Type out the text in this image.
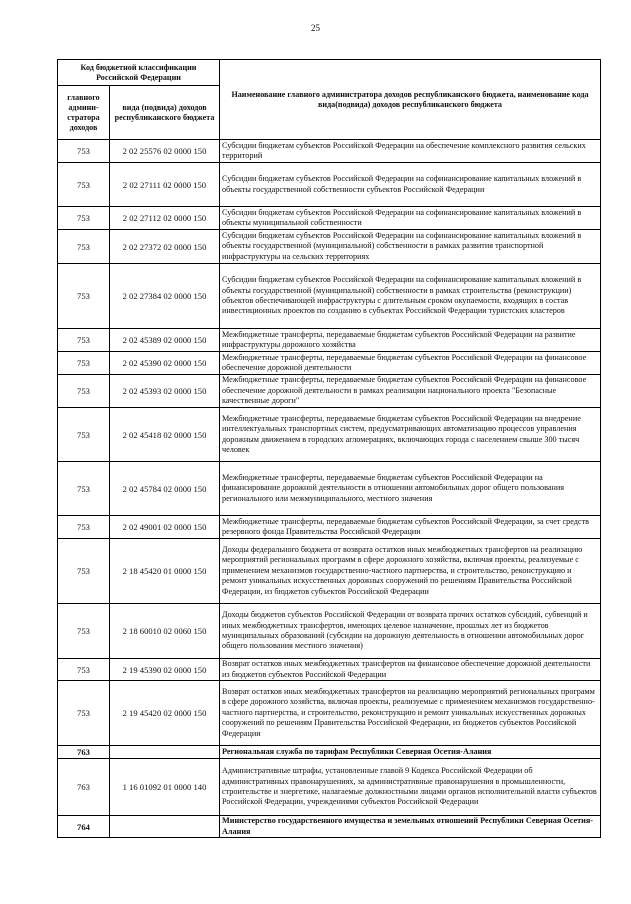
25
Код бюджетной классификации Российской Федерации		Наименование главного администратора доходов республиканского бюджета, наименование кода вида(подвида) доходов республиканского бюджета
главного админи-стратора доходов	вида (подвида) доходов республиканского бюджета	
753	2 02 25576 02 0000 150	Субсидии бюджетам субъектов Российской Федерации на обеспечение комплексного развития сельских территорий
753	2 02 27111 02 0000 150	Субсидии бюджетам субъектов Российской Федерации на софинансирование капитальных вложений в объекты государственной собственности субъектов Российской Федерации
753	2 02 27112 02 0000 150	Субсидии бюджетам субъектов Российской Федерации на софинансирование капитальных вложений в объекты муниципальной собственности
753	2 02 27372 02 0000 150	Субсидии бюджетам субъектов Российской Федерации на софинансирование капитальных вложений в объекты государственной (муниципальной) собственности в рамках развития транспортной инфраструктуры на сельских территориях
753	2 02 27384 02 0000 150	Субсидии бюджетам субъектов Российской Федерации на софинансирование капитальных вложений в объекты государственной (муниципальной) собственности в рамках строительства (реконструкции) объектов обеспечивающей инфраструктуры с длительным сроком окупаемости, входящих в состав инвестиционных проектов по созданию в субъектах Российской Федерации туристских кластеров
753	2 02 45389 02 0000 150	Межбюджетные трансферты, передаваемые бюджетам субъектов Российской Федерации на развитие инфраструктуры дорожного хозяйства
753	2 02 45390 02 0000 150	Межбюджетные трансферты, передаваемые бюджетам субъектов Российской Федерации на финансовое обеспечение дорожной деятельности
753	2 02 45393 02 0000 150	Межбюджетные трансферты, передаваемые бюджетам субъектов Российской Федерации на финансовое обеспечение дорожной деятельности в рамках реализации национального проекта "Безопасные качественные дороги"
753	2 02 45418 02 0000 150	Межбюджетные трансферты, передаваемые бюджетам субъектов Российской Федерации на внедрение интеллектуальных транспортных систем, предусматривающих автоматизацию процессов управления дорожным движением в городских агломерациях, включающих города с населением свыше 300 тысяч человек
753	2 02 45784 02 0000 150	Межбюджетные трансферты, передаваемые бюджетам субъектов Российской Федерации на финансирование дорожной деятельности в отношении автомобильных дорог общего пользования регионального или межмуниципального, местного значения
753	2 02 49001 02 0000 150	Межбюджетные трансферты, передаваемые бюджетам субъектов Российской Федерации, за счет средств резервного фонда Правительства Российской Федерации
753	2 18 45420 01 0000 150	Доходы федерального бюджета от возврата остатков иных межбюджетных трансфертов на реализацию мероприятий региональных программ в сфере дорожного хозяйства, включая проекты, реализуемые с применением механизмов государственно-частного партнерства, и строительство, реконструкцию и ремонт уникальных искусственных дорожных сооружений по решениям Правительства Российской Федерации, из бюджетов субъектов Российской Федерации
753	2 18 60010 02 0060 150	Доходы бюджетов субъектов Российской Федерации от возврата прочих остатков субсидий, субвенций и иных межбюджетных трансфертов, имеющих целевое назначение, прошлых лет из бюджетов муниципальных образований (субсидии на дорожную деятельность в отношении автомобильных дорог общего пользования местного значения)
753	2 19 45390 02 0000 150	Возврат остатков иных межбюджетных трансфертов на финансовое обеспечение дорожной деятельности из бюджетов субъектов Российской Федерации
753	2 19 45420 02 0000 150	Возврат остатков иных межбюджетных трансфертов на реализацию мероприятий региональных программ в сфере дорожного хозяйства, включая проекты, реализуемые с применением механизмов государственно-частного партнерства, и строительство, реконструкцию и ремонт уникальных искусственных дорожных сооружений по решениям Правительства Российской Федерации, из бюджетов субъектов Российской Федерации
763		Региональная служба по тарифам Республики Северная Осетия-Алания
763	1 16 01092 01 0000 140	Административные штрафы, установленные главой 9 Кодекса Российской Федерации об административных правонарушениях, за административные правонарушения в промышленности, строительстве и энергетике, налагаемые должностными лицами органов исполнительной власти субъектов Российской Федерации, учреждениями субъектов Российской Федерации
764		Министерство государственного имущества и земельных отношений Республики Северная Осетия-Алания
